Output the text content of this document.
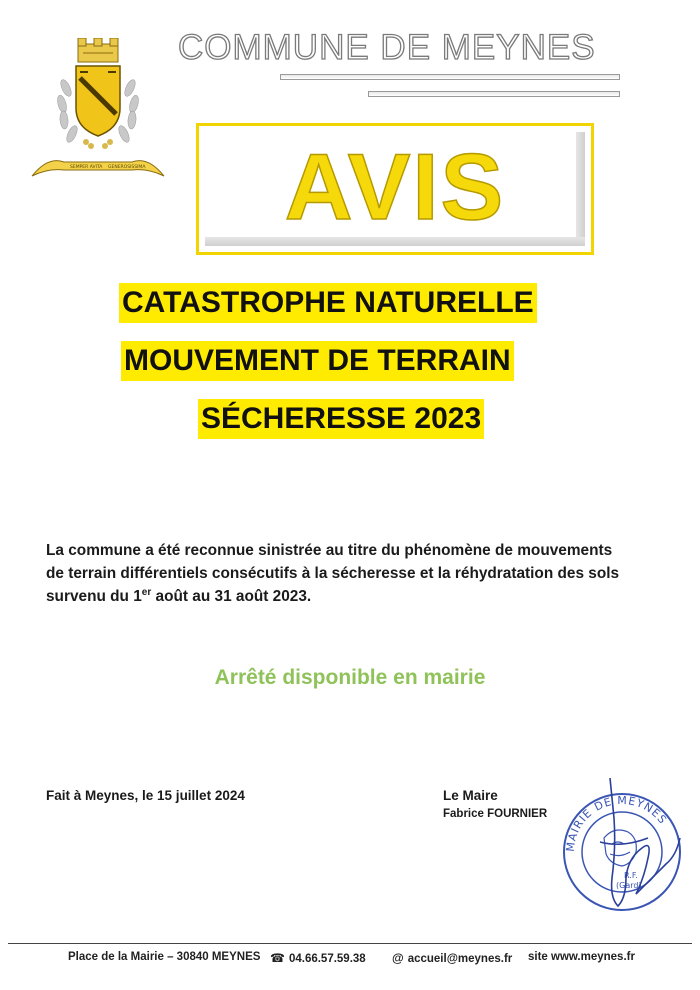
SEMPER AVITA GENEROSISSIMA
COMMUNE DE MEYNES
AVIS
CATASTROPHE NATURELLE
MOUVEMENT DE TERRAIN
SÉCHERESSE 2023
La commune a été reconnue sinistrée au titre du phénomène de mouvements
de terrain différentiels consécutifs à la sécheresse et la réhydratation des sols
survenu du 1er août au 31 août 2023.
Arrêté disponible en mairie
Fait à Meynes, le 15 juillet 2024	Le Maire
Fabrice FOURNIER
MAIRIE DE MEYNES
R.F.
(Gard)
Place de la Mairie – 30840 MEYNES ☎ 04.66.57.59.38 @ accueil@meynes.fr site www.meynes.fr
